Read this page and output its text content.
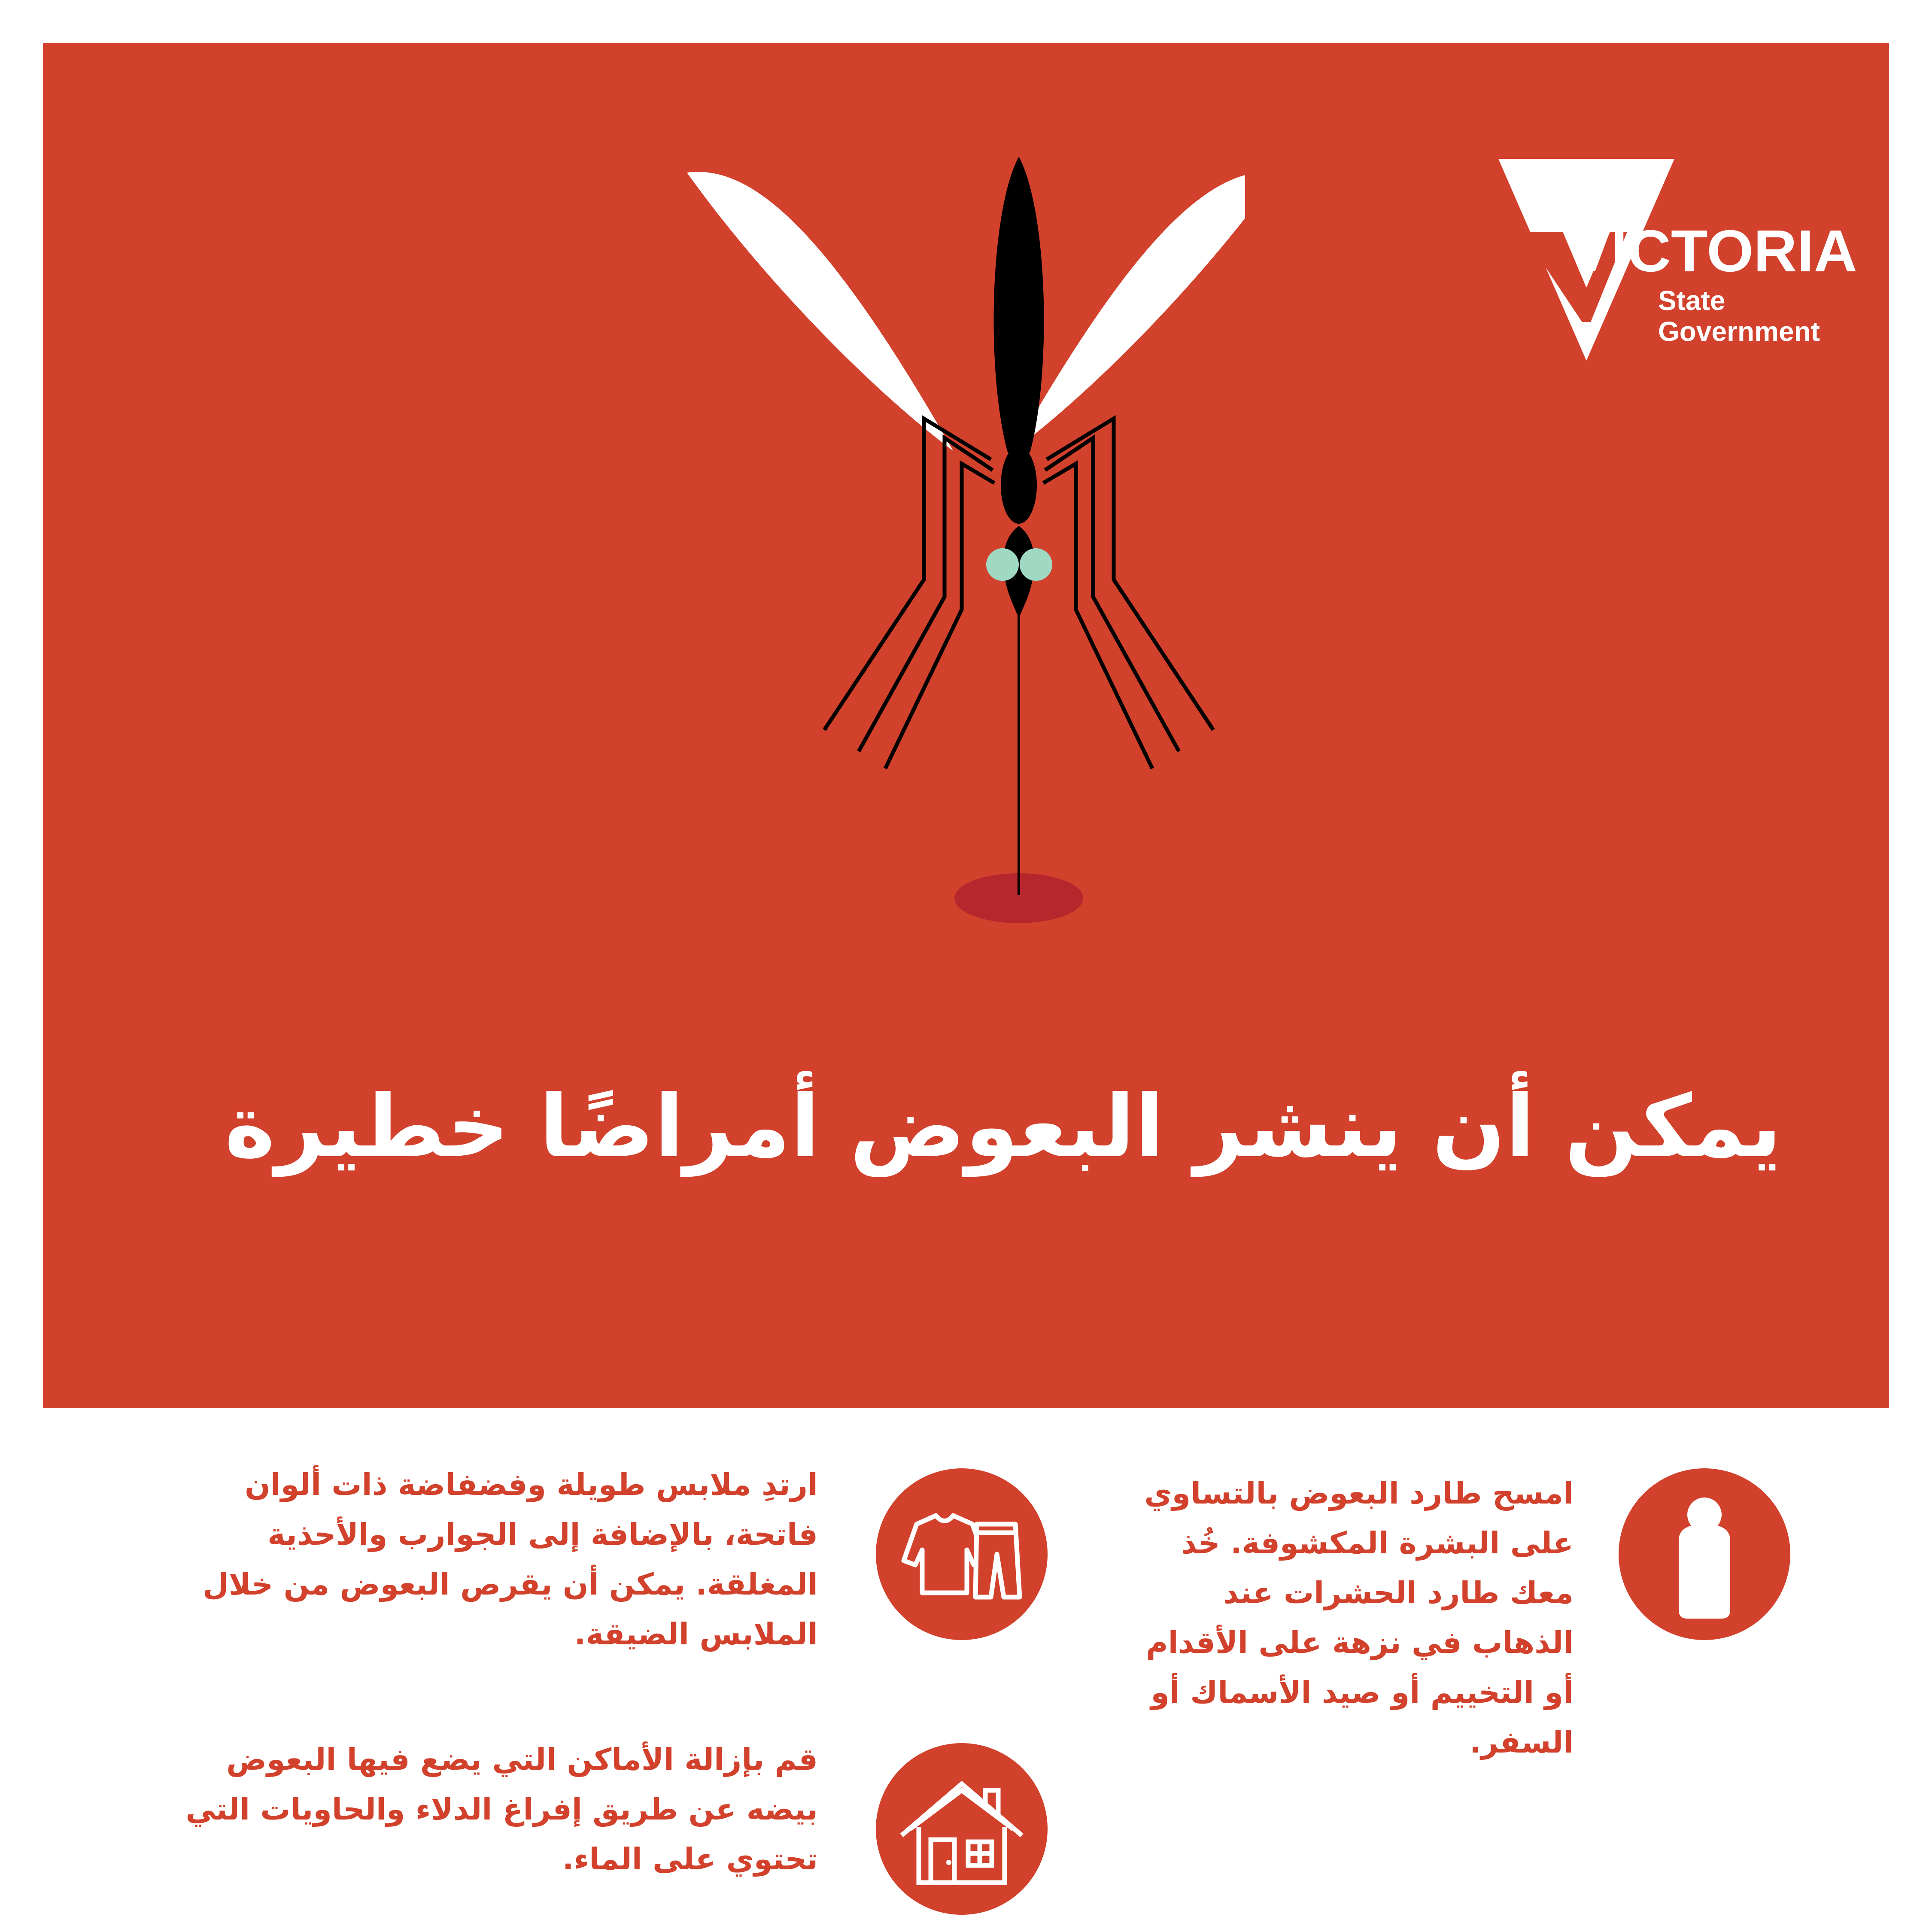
VICTORIA
State
Government

يمكن أن ينشر البعوض أمراضًا خطيرة

امسح طارد البعوض بالتساوي على البشرة المكشوفة. خُذ معك طارد الحشرات عند الذهاب في نزهة على الأقدام أو التخييم أو صيد الأسماك أو السفر.

ارتدِ ملابس طويلة وفضفاضة ذات ألوان فاتحة، بالإضافة إلى الجوارب والأحذية المغلقة. يمكن أن يقرص البعوض من خلال الملابس الضيقة.

قم بإزالة الأماكن التي يضع فيها البعوض بيضه عن طريق إفراغ الدلاء والحاويات التي تحتوي على الماء.
